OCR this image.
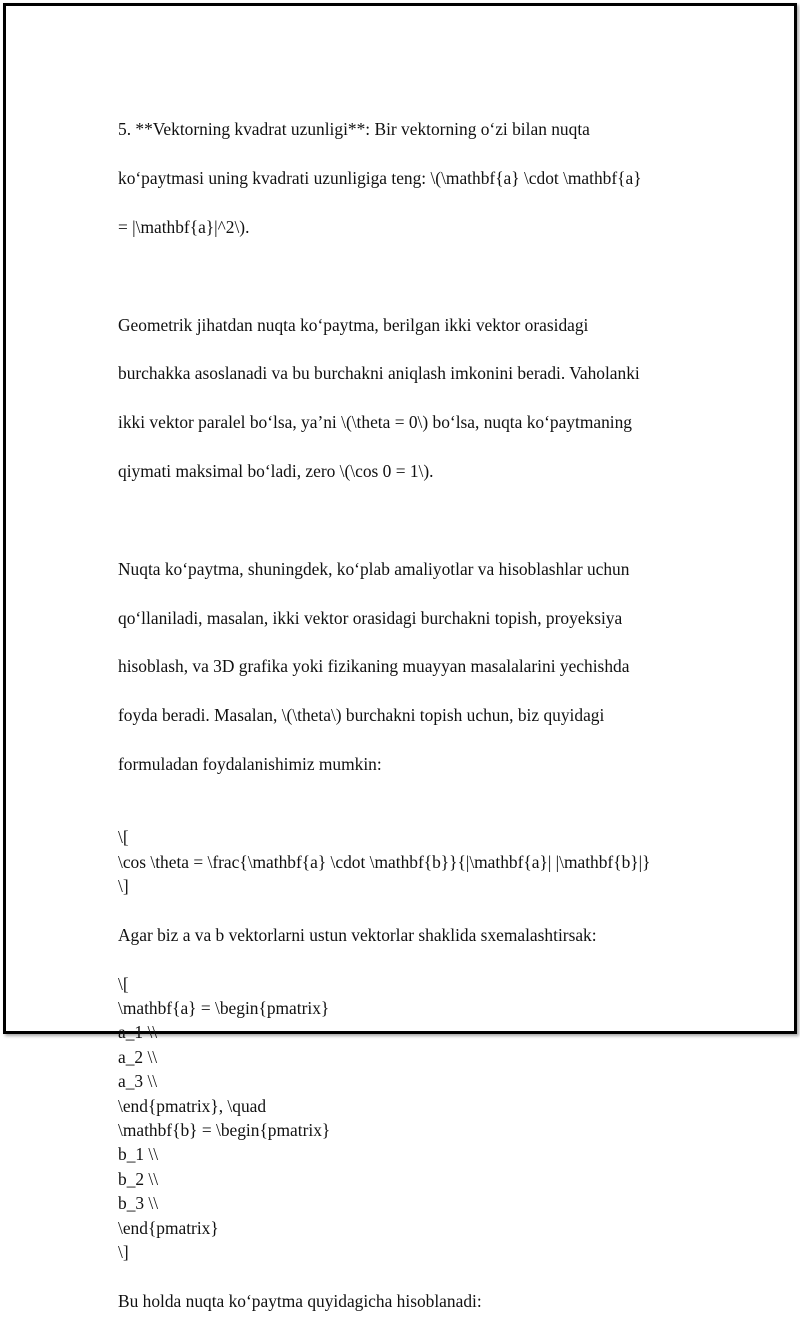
5. **Vektorning kvadrat uzunligi**: Bir vektorning o‘zi bilan nuqta

ko‘paytmasi uning kvadrati uzunligiga teng: \(\mathbf{a} \cdot \mathbf{a}

= |\mathbf{a}|^2\).

Geometrik jihatdan nuqta ko‘paytma, berilgan ikki vektor orasidagi

burchakka asoslanadi va bu burchakni aniqlash imkonini beradi. Vaholanki

ikki vektor paralel bo‘lsa, ya’ni \(\theta = 0\) bo‘lsa, nuqta ko‘paytmaning

qiymati maksimal bo‘ladi, zero \(\cos 0 = 1\).

Nuqta ko‘paytma, shuningdek, ko‘plab amaliyotlar va hisoblashlar uchun

qo‘llaniladi, masalan, ikki vektor orasidagi burchakni topish, proyeksiya

hisoblash, va 3D grafika yoki fizikaning muayyan masalalarini yechishda

foyda beradi. Masalan, \(\theta\) burchakni topish uchun, biz quyidagi

formuladan foydalanishimiz mumkin:

\[
\cos \theta = \frac{\mathbf{a} \cdot \mathbf{b}}{|\mathbf{a}| |\mathbf{b}|}
\]

Agar biz a va b vektorlarni ustun vektorlar shaklida sxemalashtirsak:

\[
\mathbf{a} = \begin{pmatrix}
a_1 \\
a_2 \\
a_3 \\
\end{pmatrix}, \quad
\mathbf{b} = \begin{pmatrix}
b_1 \\
b_2 \\
b_3 \\
\end{pmatrix}
\]

Bu holda nuqta ko‘paytma quyidagicha hisoblanadi:
